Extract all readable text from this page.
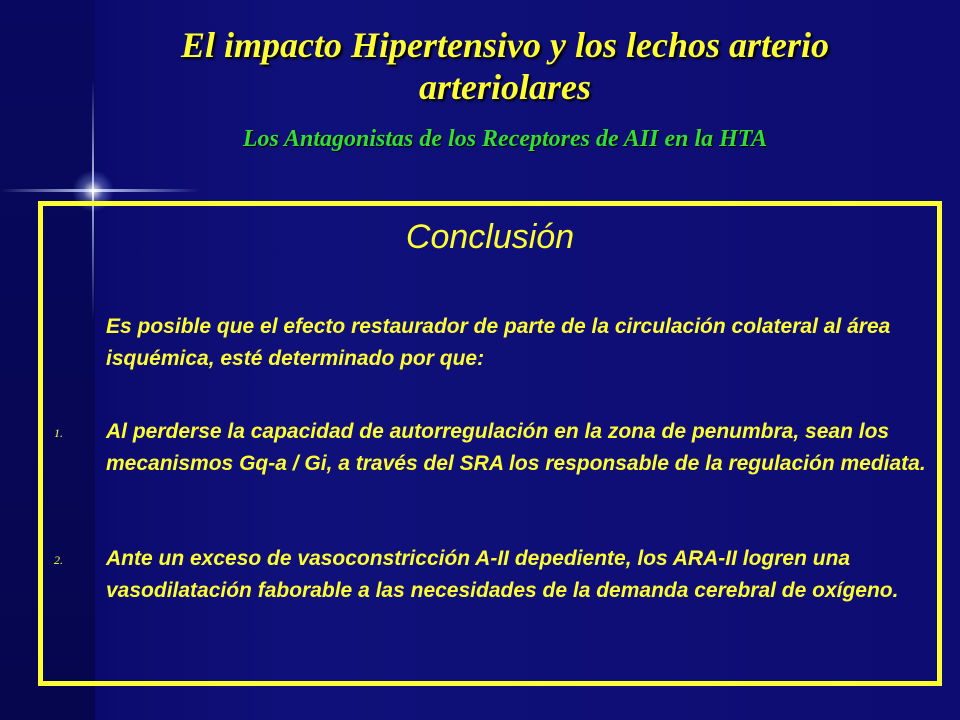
El impacto Hipertensivo y los lechos arterio
arteriolares
Los Antagonistas de los Receptores de AII en la HTA
Conclusión
Es posible que el efecto restaurador de parte de la circulación colateral al área isquémica, esté determinado por que:
1. Al perderse la capacidad de autorregulación en la zona de penumbra, sean los mecanismos Gq-a / Gi, a través del SRA los responsable de la regulación mediata.
2. Ante un exceso de vasoconstricción A-II depediente, los ARA-II logren una vasodilatación faborable a las necesidades de la demanda cerebral de oxígeno.
